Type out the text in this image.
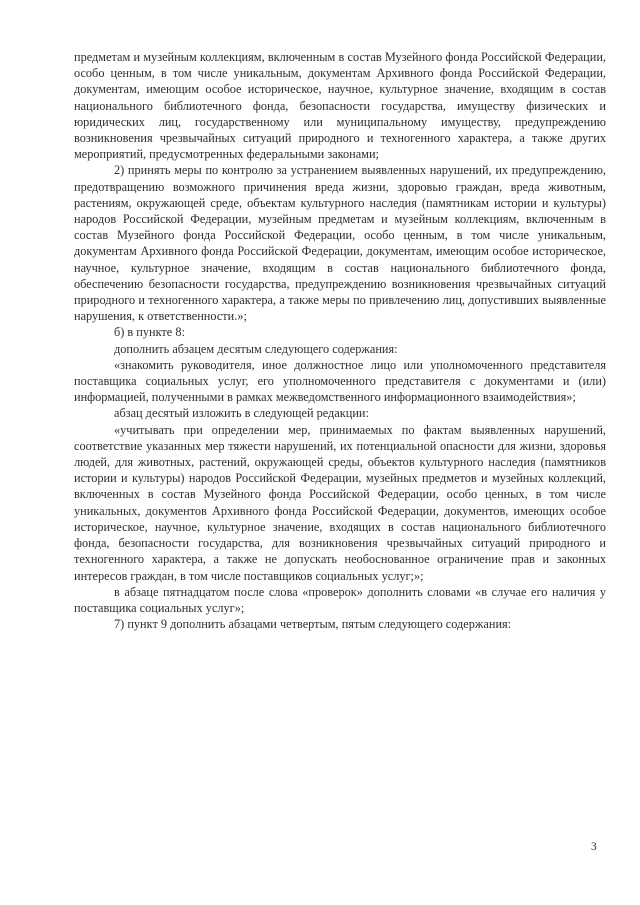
предметам и музейным коллекциям, включенным в состав Музейного фонда Российской Федерации, особо ценным, в том числе уникальным, документам Архивного фонда Российской Федерации, документам, имеющим особое историческое, научное, культурное значение, входящим в состав национального библиотечного фонда, безопасности государства, имуществу физических и юридических лиц, государственному или муниципальному имуществу, предупреждению возникновения чрезвычайных ситуаций природного и техногенного характера, а также других мероприятий, предусмотренных федеральными законами;

2) принять меры по контролю за устранением выявленных нарушений, их предупреждению, предотвращению возможного причинения вреда жизни, здоровью граждан, вреда животным, растениям, окружающей среде, объектам культурного наследия (памятникам истории и культуры) народов Российской Федерации, музейным предметам и музейным коллекциям, включенным в состав Музейного фонда Российской Федерации, особо ценным, в том числе уникальным, документам Архивного фонда Российской Федерации, документам, имеющим особое историческое, научное, культурное значение, входящим в состав национального библиотечного фонда, обеспечению безопасности государства, предупреждению возникновения чрезвычайных ситуаций природного и техногенного характера, а также меры по привлечению лиц, допустивших выявленные нарушения, к ответственности.»;

б) в пункте 8:

дополнить абзацем десятым следующего содержания:

«знакомить руководителя, иное должностное лицо или уполномоченного представителя поставщика социальных услуг, его уполномоченного представителя с документами и (или) информацией, полученными в рамках межведомственного информационного взаимодействия»;

абзац десятый изложить в следующей редакции:

«учитывать при определении мер, принимаемых по фактам выявленных нарушений, соответствие указанных мер тяжести нарушений, их потенциальной опасности для жизни, здоровья людей, для животных, растений, окружающей среды, объектов культурного наследия (памятников истории и культуры) народов Российской Федерации, музейных предметов и музейных коллекций, включенных в состав Музейного фонда Российской Федерации, особо ценных, в том числе уникальных, документов Архивного фонда Российской Федерации, документов, имеющих особое историческое, научное, культурное значение, входящих в состав национального библиотечного фонда, безопасности государства, для возникновения чрезвычайных ситуаций природного и техногенного характера, а также не допускать необоснованное ограничение прав и законных интересов граждан, в том числе поставщиков социальных услуг;»;

в абзаце пятнадцатом после слова «проверок» дополнить словами «в случае его наличия у поставщика социальных услуг»;

7) пункт 9 дополнить абзацами четвертым, пятым следующего содержания:

3
